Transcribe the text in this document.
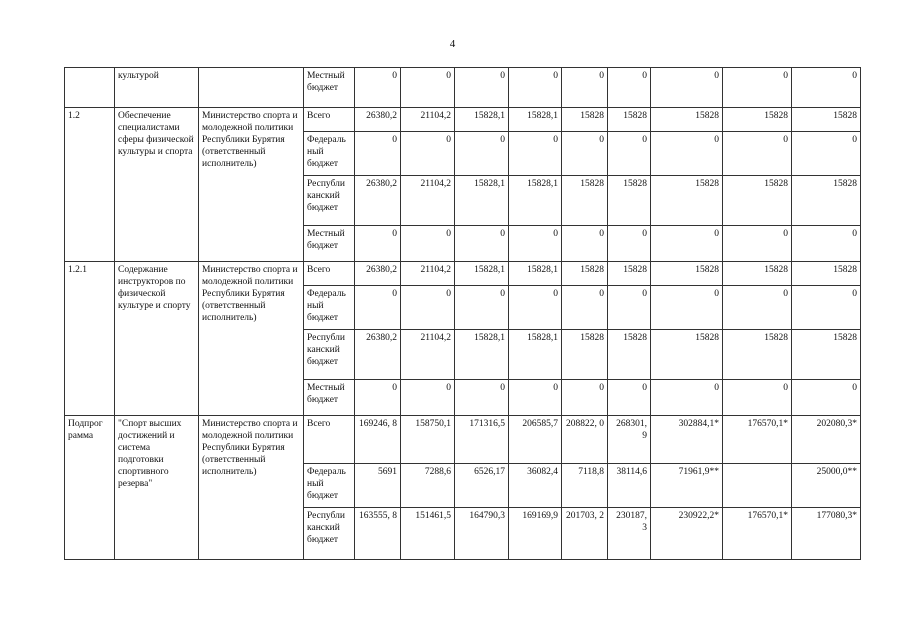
4
	культурой		Местный бюджет	0	0	0	0	0	0	0	0	0
1.2	Обеспечение специалистами сферы физической культуры и спорта	Министерство спорта и молодежной политики Республики Бурятия (ответственный исполнитель)	Всего	26380,2	21104,2	15828,1	15828,1	15828	15828	15828	15828	15828
			Федераль ный бюджет	0	0	0	0	0	0	0	0	0
			Республи канский бюджет	26380,2	21104,2	15828,1	15828,1	15828	15828	15828	15828	15828
			Местный бюджет	0	0	0	0	0	0	0	0	0
1.2.1	Содержание инструкторов по физической культуре и спорту	Министерство спорта и молодежной политики Республики Бурятия (ответственный исполнитель)	Всего	26380,2	21104,2	15828,1	15828,1	15828	15828	15828	15828	15828
			Федераль ный бюджет	0	0	0	0	0	0	0	0	0
			Республи канский бюджет	26380,2	21104,2	15828,1	15828,1	15828	15828	15828	15828	15828
			Местный бюджет	0	0	0	0	0	0	0	0	0
Подпрог рамма	"Спорт высших достижений и система подготовки спортивного резерва"	Министерство спорта и молодежной политики Республики Бурятия (ответственный исполнитель)	Всего	169246, 8	158750,1	171316,5	206585,7	208822, 0	268301, 9	302884,1*	176570,1*	202080,3*
			Федераль ный бюджет	5691	7288,6	6526,17	36082,4	7118,8	38114,6	71961,9**		25000,0**
			Республи канский бюджет	163555, 8	151461,5	164790,3	169169,9	201703, 2	230187, 3	230922,2*	176570,1*	177080,3*
